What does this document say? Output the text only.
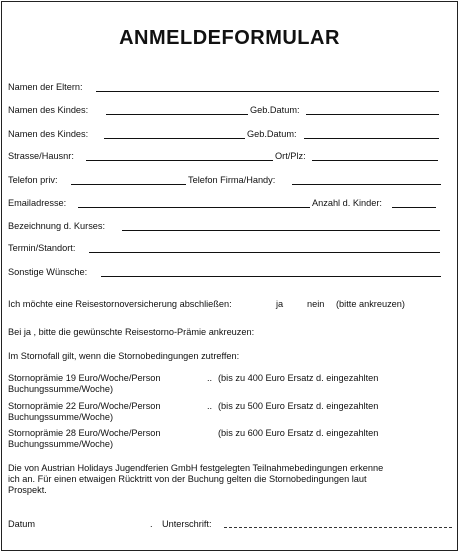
ANMELDEFORMULAR
Namen der Eltern:
Namen des Kindes:	Geb.Datum:
Namen des Kindes:	Geb.Datum:
Strasse/Hausnr:	Ort/Plz:
Telefon priv:	Telefon Firma/Handy:
Emailadresse:	Anzahl d. Kinder:
Bezeichnung d. Kurses:
Termin/Standort:
Sonstige Wünsche:
Ich möchte eine Reisestornoversicherung abschließen:	ja	nein (bitte ankreuzen)
Bei ja , bitte die gewünschte Reisestorno-Prämie ankreuzen:
Im Stornofall gilt, wenn die Stornobedingungen zutreffen:
Stornoprämie 19 Euro/Woche/Person	.. (bis zu 400 Euro Ersatz d. eingezahlten
Buchungssumme/Woche)
Stornoprämie 22 Euro/Woche/Person	.. (bis zu 500 Euro Ersatz d. eingezahlten
Buchungssumme/Woche)
Stornoprämie 28 Euro/Woche/Person	(bis zu 600 Euro Ersatz d. eingezahlten
Buchungssumme/Woche)
Die von Austrian Holidays Jugendferien GmbH festgelegten Teilnahmebedingungen erkenne
ich an. Für einen etwaigen Rücktritt von der Buchung gelten die Stornobedingungen laut
Prospekt.
Datum	. Unterschrift:
